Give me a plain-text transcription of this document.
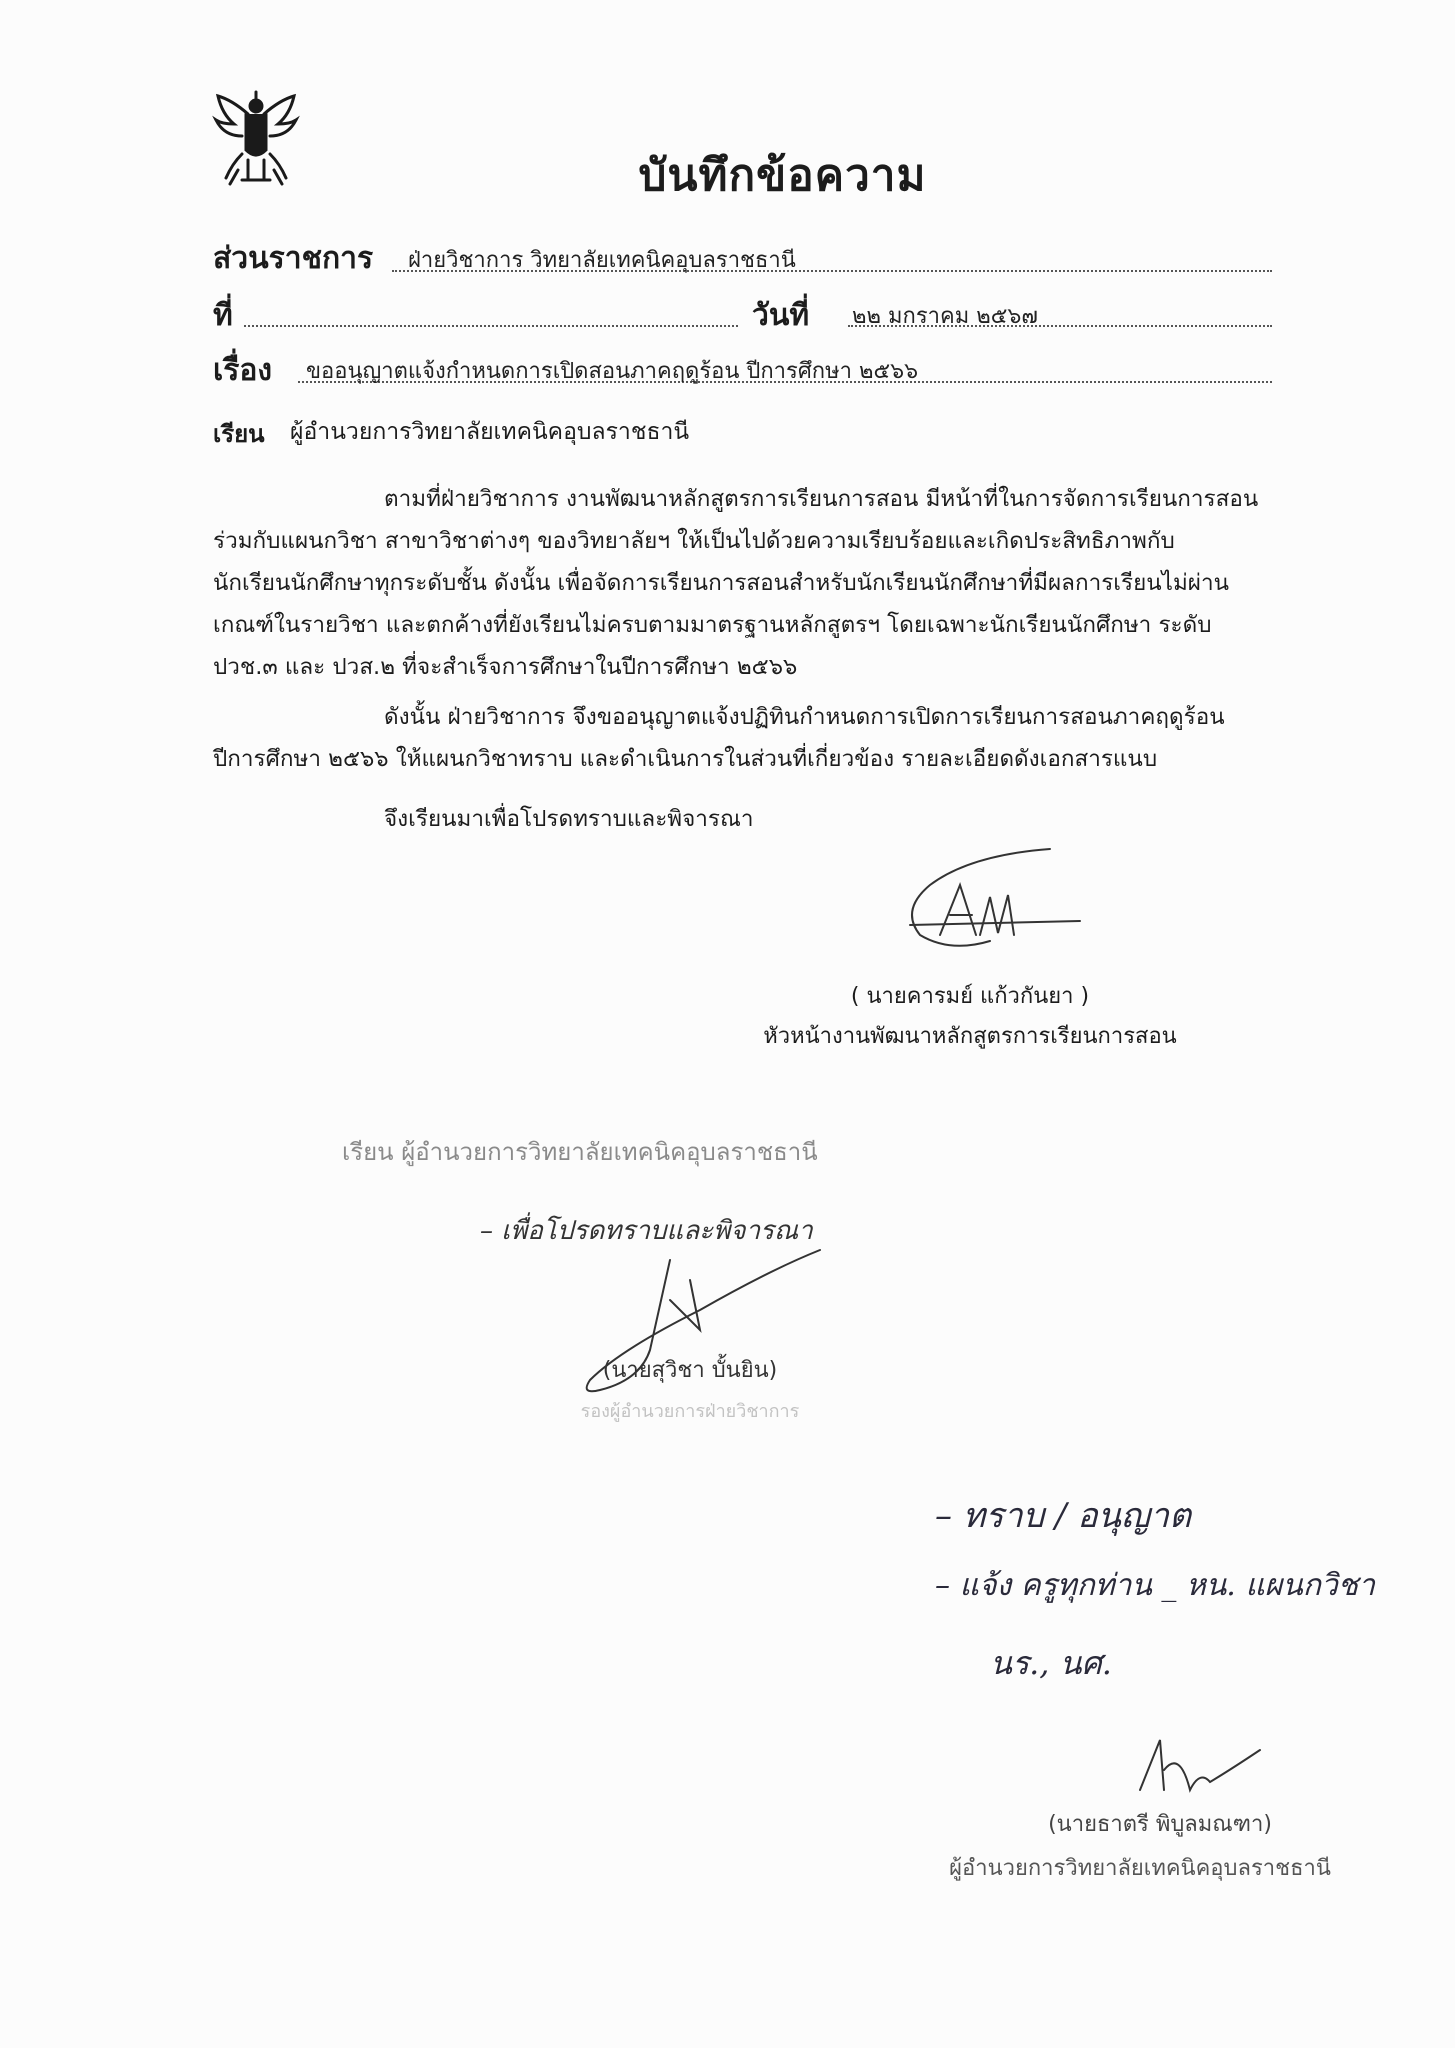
บันทึกข้อความ
ส่วนราชการ ฝ่ายวิชาการ วิทยาลัยเทคนิคอุบลราชธานี
ที่	วันที่ ๒๒ มกราคม ๒๕๖๗
เรื่อง ขออนุญาตแจ้งกำหนดการเปิดสอนภาคฤดูร้อน ปีการศึกษา ๒๕๖๖
เรียน ผู้อำนวยการวิทยาลัยเทคนิคอุบลราชธานี
ตามที่ฝ่ายวิชาการ งานพัฒนาหลักสูตรการเรียนการสอน มีหน้าที่ในการจัดการเรียนการสอน
ร่วมกับแผนกวิชา สาขาวิชาต่างๆ ของวิทยาลัยฯ ให้เป็นไปด้วยความเรียบร้อยและเกิดประสิทธิภาพกับ
นักเรียนนักศึกษาทุกระดับชั้น ดังนั้น เพื่อจัดการเรียนการสอนสำหรับนักเรียนนักศึกษาที่มีผลการเรียนไม่ผ่าน
เกณฑ์ในรายวิชา และตกค้างที่ยังเรียนไม่ครบตามมาตรฐานหลักสูตรฯ โดยเฉพาะนักเรียนนักศึกษา ระดับ
ปวช.๓ และ ปวส.๒ ที่จะสำเร็จการศึกษาในปีการศึกษา ๒๕๖๖
ดังนั้น ฝ่ายวิชาการ จึงขออนุญาตแจ้งปฏิทินกำหนดการเปิดการเรียนการสอนภาคฤดูร้อน
ปีการศึกษา ๒๕๖๖ ให้แผนกวิชาทราบ และดำเนินการในส่วนที่เกี่ยวข้อง รายละเอียดดังเอกสารแนบ
จึงเรียนมาเพื่อโปรดทราบและพิจารณา
( นายคารมย์ แก้วกันยา )
หัวหน้างานพัฒนาหลักสูตรการเรียนการสอน
เรียน ผู้อำนวยการวิทยาลัยเทคนิคอุบลราชธานี
– เพื่อโปรดทราบและพิจารณา
(นายสุวิชา บั้นยิน)
รองผู้อำนวยการฝ่ายวิชาการ
– ทราบ / อนุญาต
– แจ้ง ครูทุกท่าน _ หน. แผนกวิชา
นร., นศ.
(นายธาตรี พิบูลมณฑา)
ผู้อำนวยการวิทยาลัยเทคนิคอุบลราชธานี
